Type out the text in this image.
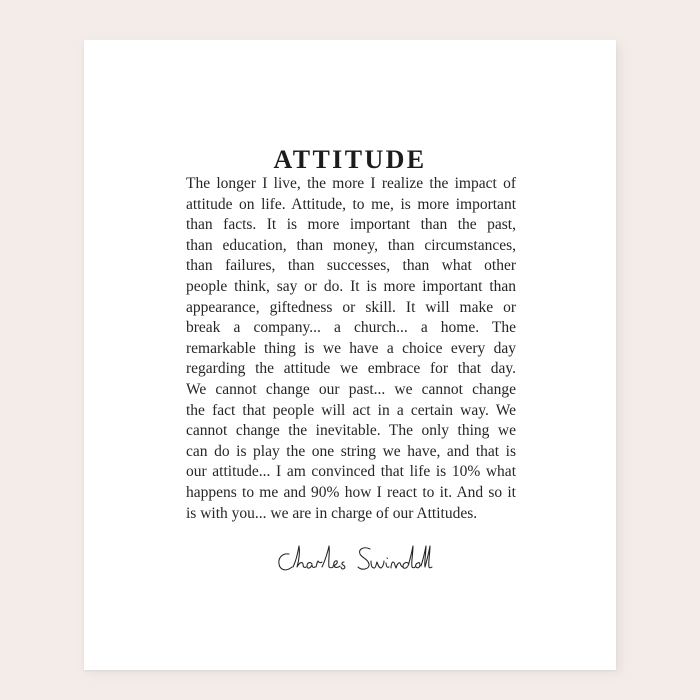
ATTITUDE

The longer I live, the more I realize the impact of
attitude on life. Attitude, to me, is more important
than facts. It is more important than the past,
than education, than money, than circumstances,
than failures, than successes, than what other
people think, say or do. It is more important than
appearance, giftedness or skill. It will make or
break a company... a church... a home. The
remarkable thing is we have a choice every day
regarding the attitude we embrace for that day.
We cannot change our past... we cannot change
the fact that people will act in a certain way. We
cannot change the inevitable. The only thing we
can do is play the one string we have, and that is
our attitude... I am convinced that life is 10% what
happens to me and 90% how I react to it. And so it
is with you... we are in charge of our Attitudes.
